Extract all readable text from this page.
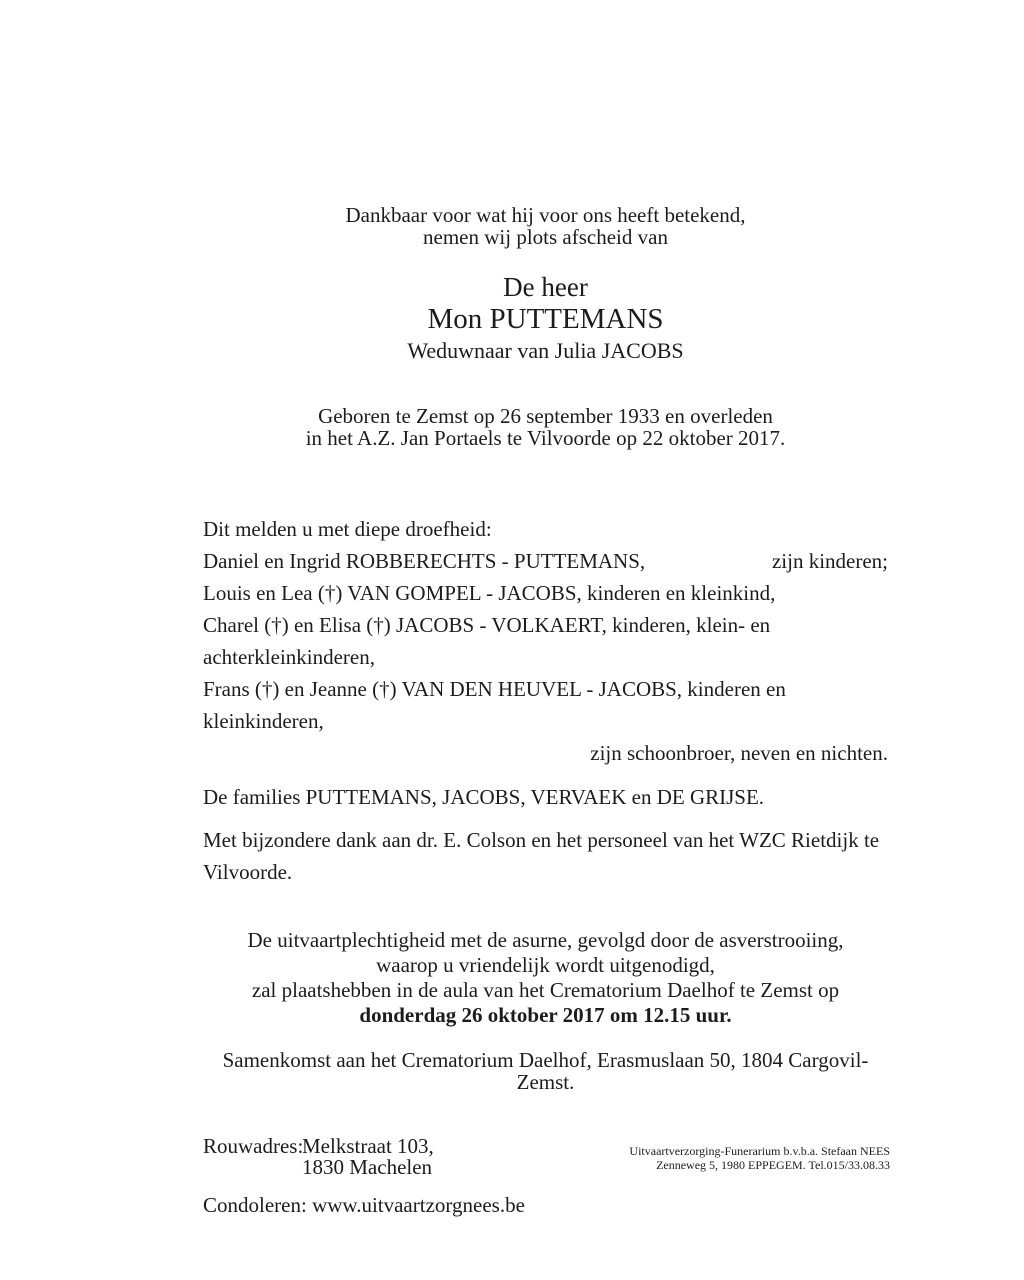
Dankbaar voor wat hij voor ons heeft betekend,
nemen wij plots afscheid van
De heer
Mon PUTTEMANS
Weduwnaar van Julia JACOBS
Geboren te Zemst op 26 september 1933 en overleden
in het A.Z. Jan Portaels te Vilvoorde op 22 oktober 2017.
Dit melden u met diepe droefheid:
Daniel en Ingrid ROBBERECHTS - PUTTEMANS,	zijn kinderen;
Louis en Lea (†) VAN GOMPEL - JACOBS, kinderen en kleinkind,
Charel (†) en Elisa (†) JACOBS - VOLKAERT, kinderen, klein- en achterkleinkinderen,
Frans (†) en Jeanne (†) VAN DEN HEUVEL - JACOBS, kinderen en kleinkinderen,
zijn schoonbroer, neven en nichten.
De families PUTTEMANS, JACOBS, VERVAEK en DE GRIJSE.
Met bijzondere dank aan dr. E. Colson en het personeel van het WZC Rietdijk te Vilvoorde.
De uitvaartplechtigheid met de asurne, gevolgd door de asverstrooiing,
waarop u vriendelijk wordt uitgenodigd,
zal plaatshebben in de aula van het Crematorium Daelhof te Zemst op
donderdag 26 oktober 2017 om 12.15 uur.
Samenkomst aan het Crematorium Daelhof, Erasmuslaan 50, 1804 Cargovil-Zemst.
Rouwadres:
Melkstraat 103,
1830 Machelen
Condoleren: www.uitvaartzorgnees.be
Uitvaartverzorging-Funerarium b.v.b.a. Stefaan NEES
Zenneweg 5, 1980 EPPEGEM. Tel.015/33.08.33
